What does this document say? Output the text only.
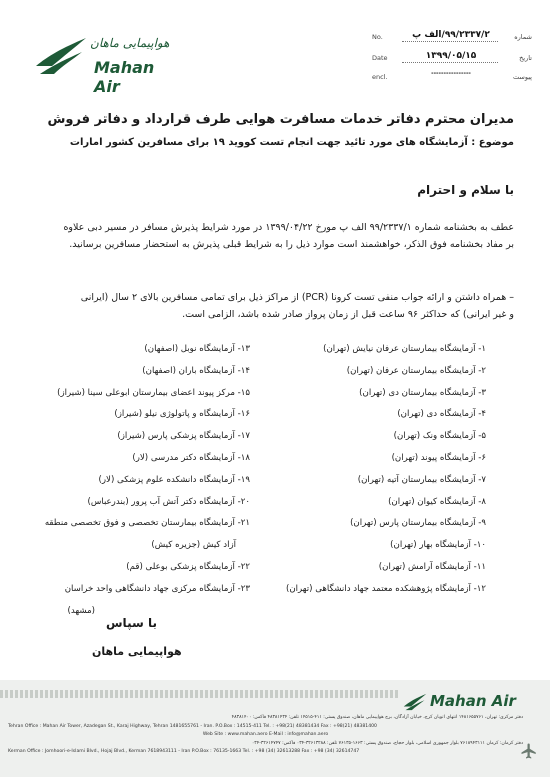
No.	۹۹/۲۳۳۷/۲/الف پ	شماره
Date	۱۳۹۹/۰۵/۱۵	تاریخ
encl.	----------------	پیوست
هواپیمایی ماهان
Mahan Air
مدیران محترم دفاتر خدمات مسافرت هوایی طرف قرارداد و دفاتر فروش
موضوع : آزمایشگاه های مورد تائید جهت انجام تست کووید ۱۹ برای مسافرین کشور امارات
با سلام و احترام
عطف به بخشنامه شماره ۹۹/۲۳۳۷/۱ الف پ مورخ ۱۳۹۹/۰۴/۲۲ در مورد شرایط پذیرش مسافر در مسیر دبی علاوه
بر مفاد بخشنامه فوق الذکر، خواهشمند است موارد ذیل را به شرایط قبلی پذیرش به استحضار مسافرین برسانید.
– همراه داشتن و ارائه جواب منفی تست کرونا (PCR) از مراکز ذیل برای تمامی مسافرین بالای ۲ سال (ایرانی
و غیر ایرانی) که حداکثر ۹۶ ساعت قبل از زمان پرواز صادر شده باشد، الزامی است.
۱- آزمایشگاه بیمارستان عرفان نیایش (تهران)
۲- آزمایشگاه بیمارستان عرفان (تهران)
۳- آزمایشگاه بیمارستان دی (تهران)
۴- آزمایشگاه دی (تهران)
۵- آزمایشگاه ونک (تهران)
۶- آزمایشگاه پیوند (تهران)
۷- آزمایشگاه بیمارستان آتیه (تهران)
۸- آزمایشگاه کیوان (تهران)
۹- آزمایشگاه بیمارستان پارس (تهران)
۱۰- آزمایشگاه بهار (تهران)
۱۱- آزمایشگاه آرامش (تهران)
۱۲- آزمایشگاه پژوهشکده معتمد جهاد دانشگاهی (تهران)
۱۳- آزمایشگاه نوبل (اصفهان)
۱۴- آزمایشگاه باران (اصفهان)
۱۵- مرکز پیوند اعضای بیمارستان ابوعلی سینا (شیراز)
۱۶- آزمایشگاه و پاتولوژی نیلو (شیراز)
۱۷- آزمایشگاه پزشکی پارس (شیراز)
۱۸- آزمایشگاه دکتر مدرسی (لار)
۱۹- آزمایشگاه دانشکده علوم پزشکی (لار)
۲۰- آزمایشگاه دکتر آتش آب پرور (بندرعباس)
۲۱- آزمایشگاه بیمارستان تخصصی و فوق تخصصی منطقه
آزاد کیش (جزیره کیش)
۲۲- آزمایشگاه پزشکی بوعلی (قم)
۲۳- آزمایشگاه مرکزی جهاد دانشگاهی واحد خراسان
(مشهد)
با سپاس
هواپیمایی ماهان
Mahan Air
دفتر مرکزی: تهران، ۱۴۸۱۶۵۵۷۶۱ انتهای اتوبان کرج، خیابان آزادگان، برج هواپیمایی ماهان، صندوق پستی: ۴۱۱-۱۴۵۱۵ تلفن: ۴۸۳۸۱۴۳۴ فاکس: ۴۸۳۸۱۴۰۰
Tehran Office : Mahan Air Tower, Azadegan St., Karaj Highway, Tehran 1481655761 - Iran. P.O.Box : 14515-411 Tel. : +98(21) 48381434 Fax : +98(21) 48381400
Web Site : www.mahan.aero E-Mail : info@mahan.aero
دفتر کرمان: کرمان ۷۶۱۸۹۴۳۱۱۱ بلوار جمهوری اسلامی، بلوار حجاج، صندوق پستی: ۱۶۶۳-۷۶۱۳۵ تلفن: ۳۲۶۱۳۲۸۸-۰۳۴ فاکس: ۳۲۶۱۴۷۴۷-۰۳۴
Kerman Office : Jomhoori-e-Islami Blvd., Hojaj Blvd., Kerman 7618943111 - Iran P.O.Box : 76135-1663 Tel. : +98 (34) 32613288 Fax : +98 (34) 32614747
